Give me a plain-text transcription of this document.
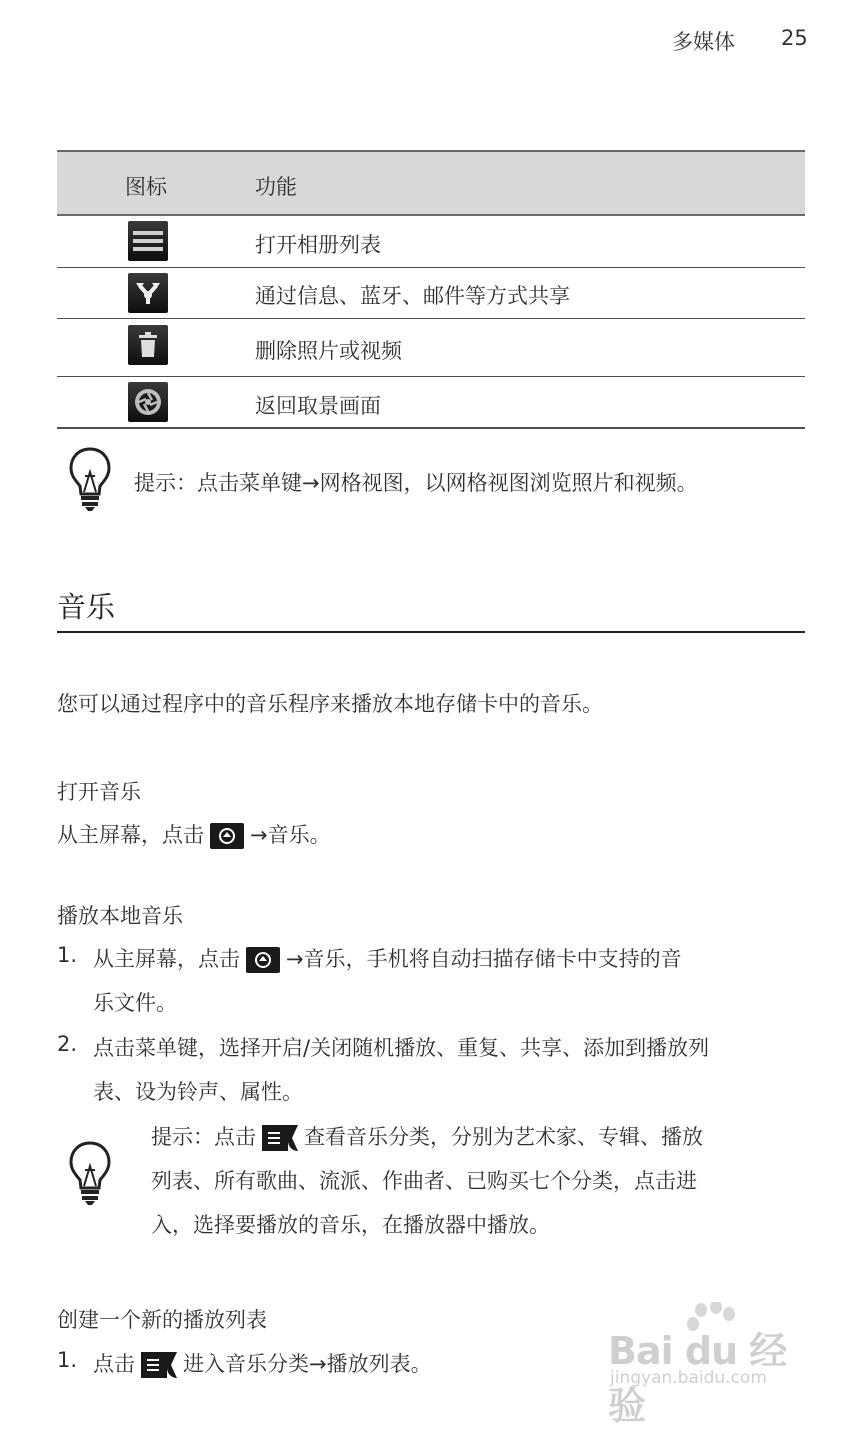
多媒体 25
图标	功能
打开相册列表
通过信息、蓝牙、邮件等方式共享
删除照片或视频
返回取景画面
提示：点击菜单键→网格视图，以网格视图浏览照片和视频。
音乐
您可以通过程序中的音乐程序来播放本地存储卡中的音乐。
打开音乐
从主屏幕，点击 →音乐。
播放本地音乐
1. 从主屏幕，点击 →音乐，手机将自动扫描存储卡中支持的音
乐文件。
2. 点击菜单键，选择开启/关闭随机播放、重复、共享、添加到播放列
表、设为铃声、属性。
提示：点击 查看音乐分类，分别为艺术家、专辑、播放
列表、所有歌曲、流派、作曲者、已购买七个分类，点击进
入，选择要播放的音乐，在播放器中播放。
创建一个新的播放列表
1. 点击 进入音乐分类→播放列表。	Bai du 经验
jingyan.baidu.com
